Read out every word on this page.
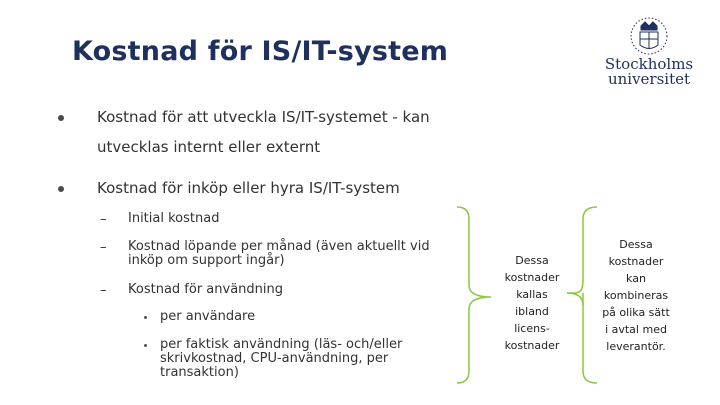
Kostnad för IS/IT-system	Stockholms
universitet
Kostnad för att utveckla IS/IT-systemet - kan
utvecklas internt eller externt
Kostnad för inköp eller hyra IS/IT-system
– Initial kostnad
– Kostnad löpande per månad (även aktuellt vid
inköp om support ingår)
– Kostnad för användning
per användare
per faktisk användning (läs- och/eller
skrivkostnad, CPU-användning, per
transaktion)
Dessa
kostnader
kallas
ibland
licens-
kostnader
Dessa
kostnader
kan
kombineras
på olika sätt
i avtal med
leverantör.
